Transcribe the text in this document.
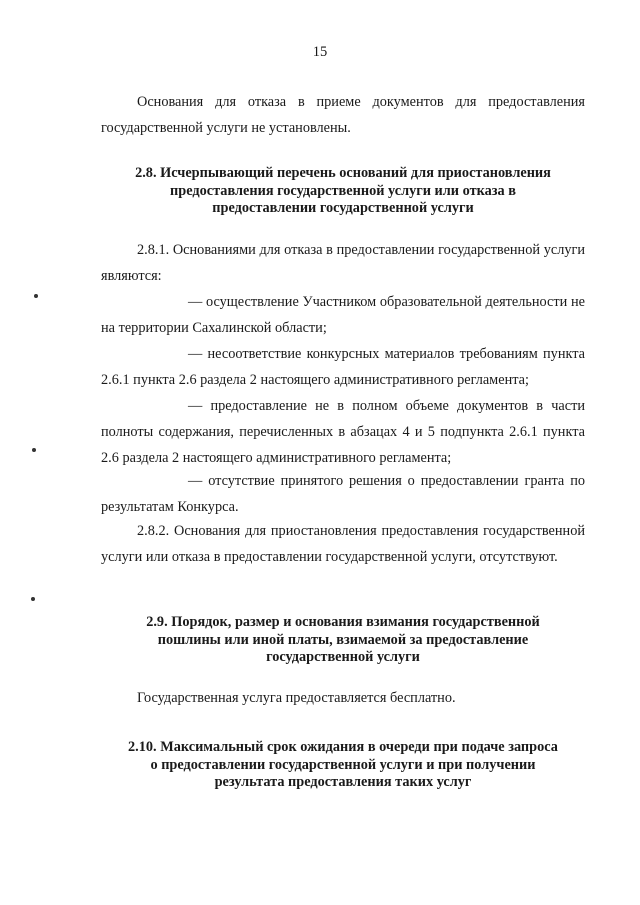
15
Основания для отказа в приеме документов для предоставления государственной услуги не установлены.
2.8. Исчерпывающий перечень оснований для приостановления
предоставления государственной услуги или отказа в
предоставлении государственной услуги
2.8.1. Основаниями для отказа в предоставлении государственной услуги являются:
— осуществление Участником образовательной деятельности не на территории Сахалинской области;
— несоответствие конкурсных материалов требованиям пункта 2.6.1 пункта 2.6 раздела 2 настоящего административного регламента;
— предоставление не в полном объеме документов в части полноты содержания, перечисленных в абзацах 4 и 5 подпункта 2.6.1 пункта 2.6 раздела 2 настоящего административного регламента;
— отсутствие принятого решения о предоставлении гранта по результатам Конкурса.
2.8.2. Основания для приостановления предоставления государственной услуги или отказа в предоставлении государственной услуги, отсутствуют.
2.9. Порядок, размер и основания взимания государственной
пошлины или иной платы, взимаемой за предоставление
государственной услуги
Государственная услуга предоставляется бесплатно.
2.10. Максимальный срок ожидания в очереди при подаче запроса
о предоставлении государственной услуги и при получении
результата предоставления таких услуг
